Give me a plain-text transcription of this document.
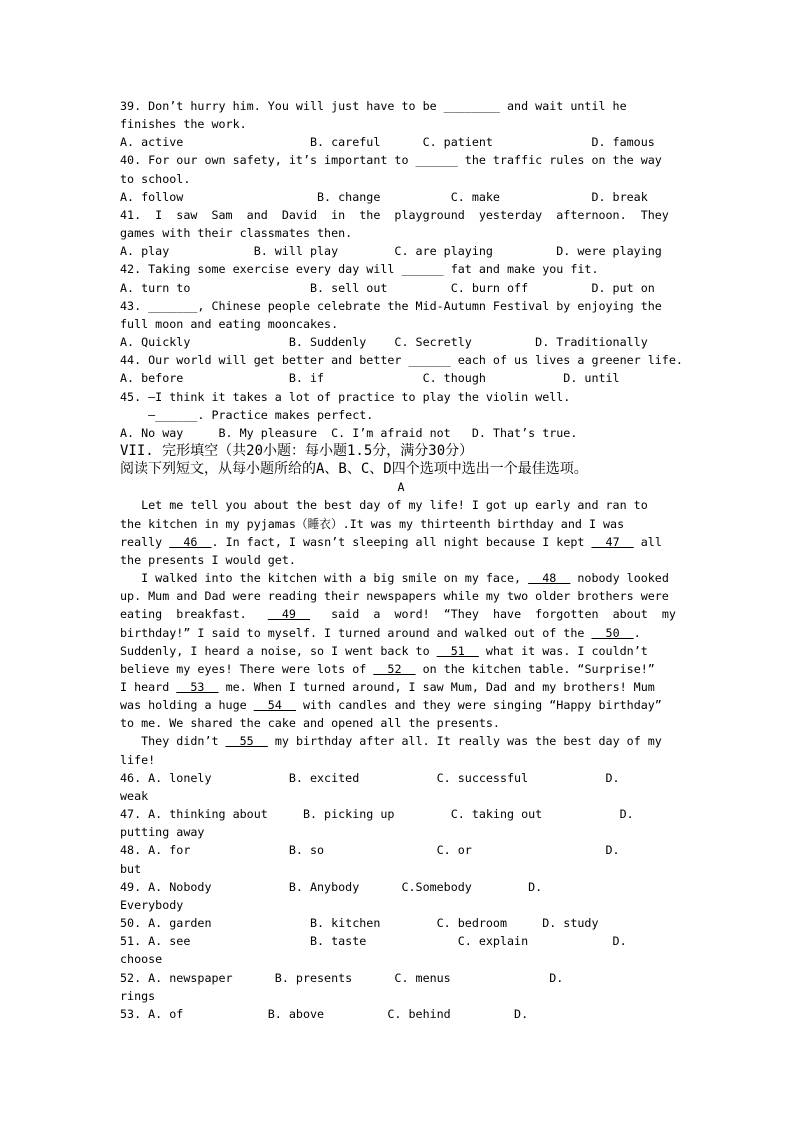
39. Don’t hurry him. You will just have to be ________ and wait until he
finishes the work.
A. active                  B. careful      C. patient              D. famous
40. For our own safety, it’s important to ______ the traffic rules on the way
to school.
A. follow                   B. change          C. make             D. break
41.  I  saw  Sam  and  David  in  the  playground  yesterday  afternoon.  They
games with their classmates then.
A. play            B. will play        C. are playing         D. were playing
42. Taking some exercise every day will ______ fat and make you fit.
A. turn to                 B. sell out         C. burn off         D. put on
43. _______, Chinese people celebrate the Mid-Autumn Festival by enjoying the
full moon and eating mooncakes.
A. Quickly              B. Suddenly    C. Secretly         D. Traditionally
44. Our world will get better and better ______ each of us lives a greener life.
A. before               B. if              C. though           D. until
45. —I think it takes a lot of practice to play the violin well.
—______. Practice makes perfect.
A. No way     B. My pleasure  C. I’m afraid not   D. That’s true.
VII. 完形填空（共20小题：每小题1.5分，满分30分）
阅读下列短文，从每小题所给的A、B、C、D四个选项中选出一个最佳选项。
A
Let me tell you about the best day of my life! I got up early and ran to
the kitchen in my pyjamas（睡衣）.It was my thirteenth birthday and I was
really   46  . In fact, I wasn’t sleeping all night because I kept   47   all
the presents I would get.
I walked into the kitchen with a big smile on my face,   48   nobody looked
up. Mum and Dad were reading their newspapers while my two older brothers were
eating  breakfast.     49     said  a  word!  “They  have  forgotten  about  my
birthday!” I said to myself. I turned around and walked out of the   50  .
Suddenly, I heard a noise, so I went back to   51   what it was. I couldn’t
believe my eyes! There were lots of   52   on the kitchen table. “Surprise!”
I heard   53   me. When I turned around, I saw Mum, Dad and my brothers! Mum
was holding a huge   54   with candles and they were singing “Happy birthday”
to me. We shared the cake and opened all the presents.
They didn’t   55   my birthday after all. It really was the best day of my
life!
46. A. lonely           B. excited           C. successful           D.
weak
47. A. thinking about     B. picking up        C. taking out           D.
putting away
48. A. for              B. so                C. or                   D.
but
49. A. Nobody           B. Anybody      C.Somebody        D.
Everybody
50. A. garden              B. kitchen        C. bedroom     D. study
51. A. see                 B. taste             C. explain            D.
choose
52. A. newspaper      B. presents      C. menus              D.
rings
53. A. of            B. above         C. behind         D.
